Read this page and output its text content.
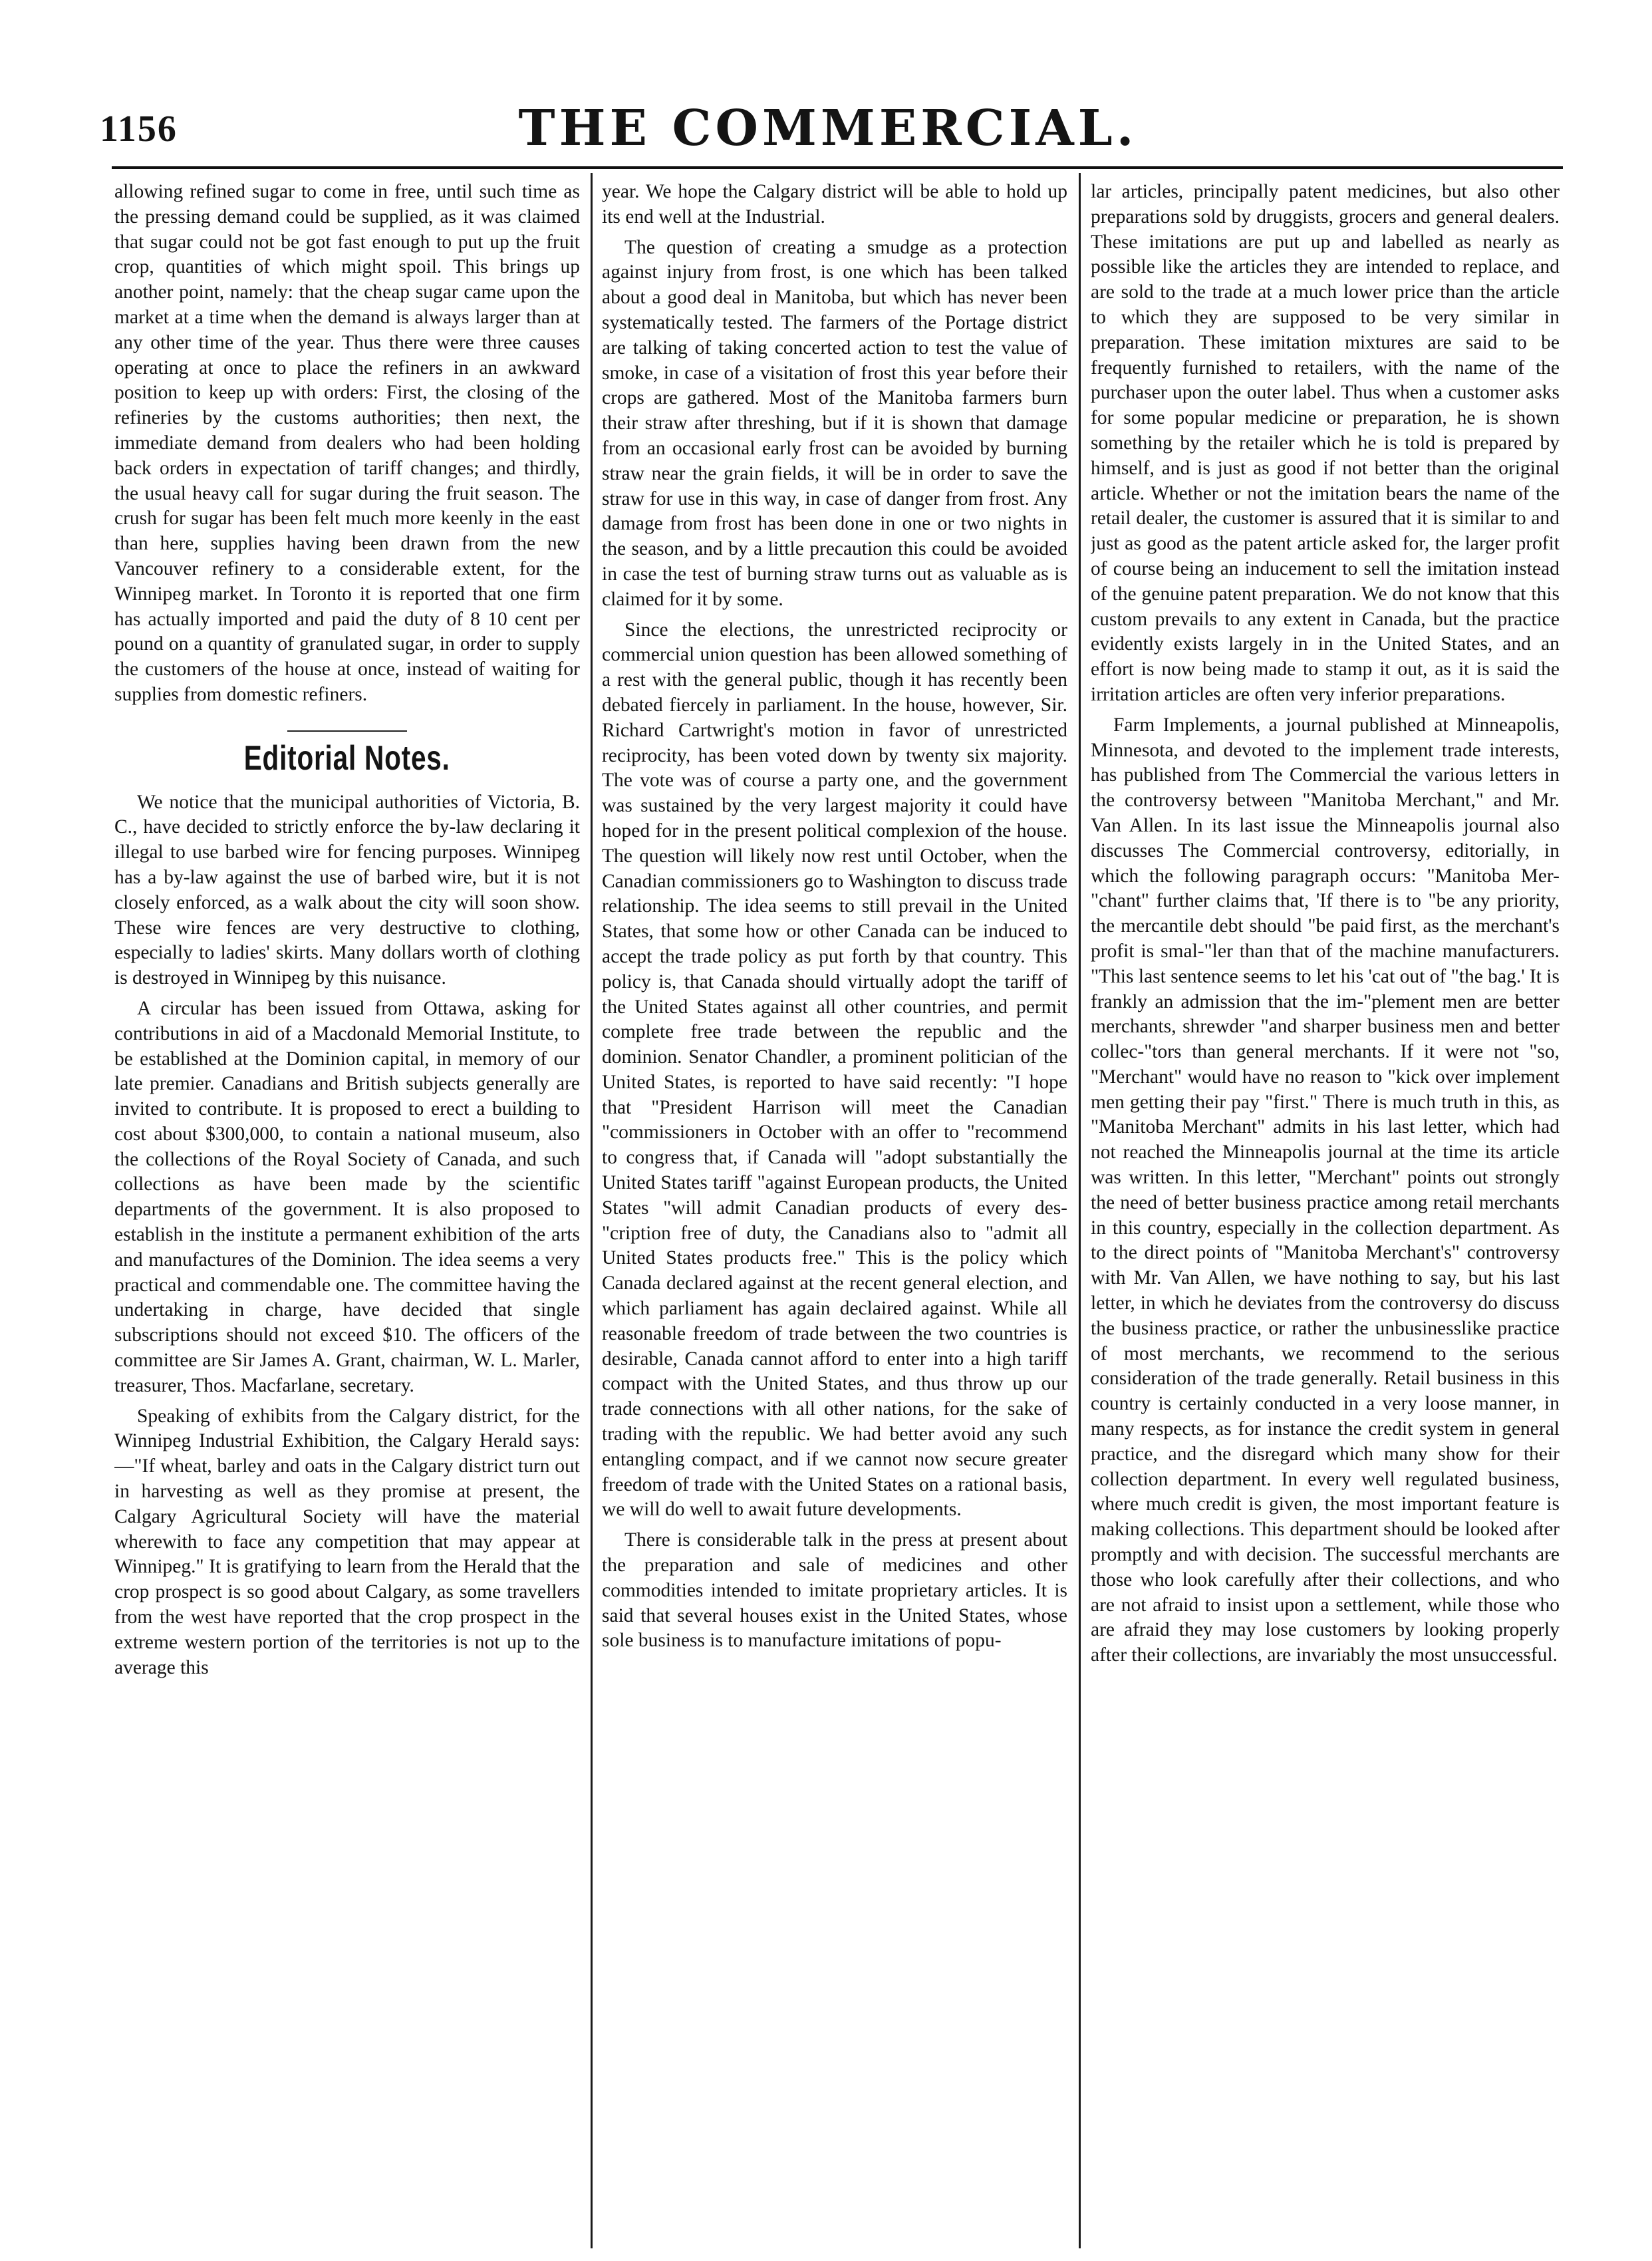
1156	THE COMMERCIAL.

allowing refined sugar to come in free, until such time as the pressing demand could be supplied, as it was claimed that sugar could not be got fast enough to put up the fruit crop, quantities of which might spoil. This brings up another point, namely: that the cheap sugar came upon the market at a time when the demand is always larger than at any other time of the year. Thus there were three causes operating at once to place the refiners in an awkward position to keep up with orders: First, the closing of the refineries by the customs authorities; then next, the immediate demand from dealers who had been holding back orders in expectation of tariff changes; and thirdly, the usual heavy call for sugar during the fruit season. The crush for sugar has been felt much more keenly in the east than here, supplies having been drawn from the new Vancouver refinery to a considerable extent, for the Winnipeg market. In Toronto it is reported that one firm has actually imported and paid the duty of 8 10 cent per pound on a quantity of granulated sugar, in order to supply the customers of the house at once, instead of waiting for supplies from domestic refiners.

Editorial Notes.

We notice that the municipal authorities of Victoria, B. C., have decided to strictly enforce the by-law declaring it illegal to use barbed wire for fencing purposes. Winnipeg has a by-law against the use of barbed wire, but it is not closely enforced, as a walk about the city will soon show. These wire fences are very destructive to clothing, especially to ladies' skirts. Many dollars worth of clothing is destroyed in Winnipeg by this nuisance.

A circular has been issued from Ottawa, asking for contributions in aid of a Macdonald Memorial Institute, to be established at the Dominion capital, in memory of our late premier. Canadians and British subjects generally are invited to contribute. It is proposed to erect a building to cost about $300,000, to contain a national museum, also the collections of the Royal Society of Canada, and such collections as have been made by the scientific departments of the government. It is also proposed to establish in the institute a permanent exhibition of the arts and manufactures of the Dominion. The idea seems a very practical and commendable one. The committee having the undertaking in charge, have decided that single subscriptions should not exceed $10. The officers of the committee are Sir James A. Grant, chairman, W. L. Marler, treasurer, Thos. Macfarlane, secretary.

Speaking of exhibits from the Calgary district, for the Winnipeg Industrial Exhibition, the Calgary Herald says:—"If wheat, barley and oats in the Calgary district turn out in harvesting as well as they promise at present, the Calgary Agricultural Society will have the material wherewith to face any competition that may appear at Winnipeg." It is gratifying to learn from the Herald that the crop prospect is so good about Calgary, as some travellers from the west have reported that the crop prospect in the extreme western portion of the territories is not up to the average this

year. We hope the Calgary district will be able to hold up its end well at the Industrial.

The question of creating a smudge as a protection against injury from frost, is one which has been talked about a good deal in Manitoba, but which has never been systematically tested. The farmers of the Portage district are talking of taking concerted action to test the value of smoke, in case of a visitation of frost this year before their crops are gathered. Most of the Manitoba farmers burn their straw after threshing, but if it is shown that damage from an occasional early frost can be avoided by burning straw near the grain fields, it will be in order to save the straw for use in this way, in case of danger from frost. Any damage from frost has been done in one or two nights in the season, and by a little precaution this could be avoided in case the test of burning straw turns out as valuable as is claimed for it by some.

Since the elections, the unrestricted reciprocity or commercial union question has been allowed something of a rest with the general public, though it has recently been debated fiercely in parliament. In the house, however, Sir. Richard Cartwright's motion in favor of unrestricted reciprocity, has been voted down by twenty six majority. The vote was of course a party one, and the government was sustained by the very largest majority it could have hoped for in the present political complexion of the house. The question will likely now rest until October, when the Canadian commissioners go to Washington to discuss trade relationship. The idea seems to still prevail in the United States, that some how or other Canada can be induced to accept the trade policy as put forth by that country. This policy is, that Canada should virtually adopt the tariff of the United States against all other countries, and permit complete free trade between the republic and the dominion. Senator Chandler, a prominent politician of the United States, is reported to have said recently: "I hope that "President Harrison will meet the Canadian "commissioners in October with an offer to "recommend to congress that, if Canada will "adopt substantially the United States tariff "against European products, the United States "will admit Canadian products of every des-"cription free of duty, the Canadians also to "admit all United States products free." This is the policy which Canada declared against at the recent general election, and which parliament has again declaired against. While all reasonable freedom of trade between the two countries is desirable, Canada cannot afford to enter into a high tariff compact with the United States, and thus throw up our trade connections with all other nations, for the sake of trading with the republic. We had better avoid any such entangling compact, and if we cannot now secure greater freedom of trade with the United States on a rational basis, we will do well to await future developments.

There is considerable talk in the press at present about the preparation and sale of medicines and other commodities intended to imitate proprietary articles. It is said that several houses exist in the United States, whose sole business is to manufacture imitations of popu-

lar articles, principally patent medicines, but also other preparations sold by druggists, grocers and general dealers. These imitations are put up and labelled as nearly as possible like the articles they are intended to replace, and are sold to the trade at a much lower price than the article to which they are supposed to be very similar in preparation. These imitation mixtures are said to be frequently furnished to retailers, with the name of the purchaser upon the outer label. Thus when a customer asks for some popular medicine or preparation, he is shown something by the retailer which he is told is prepared by himself, and is just as good if not better than the original article. Whether or not the imitation bears the name of the retail dealer, the customer is assured that it is similar to and just as good as the patent article asked for, the larger profit of course being an inducement to sell the imitation instead of the genuine patent preparation. We do not know that this custom prevails to any extent in Canada, but the practice evidently exists largely in in the United States, and an effort is now being made to stamp it out, as it is said the irritation articles are often very inferior preparations.

Farm Implements, a journal published at Minneapolis, Minnesota, and devoted to the implement trade interests, has published from The Commercial the various letters in the controversy between "Manitoba Merchant," and Mr. Van Allen. In its last issue the Minneapolis journal also discusses The Commercial controversy, editorially, in which the following paragraph occurs: "Manitoba Mer-"chant" further claims that, 'If there is to "be any priority, the mercantile debt should "be paid first, as the merchant's profit is smal-"ler than that of the machine manufacturers. "This last sentence seems to let his 'cat out of "the bag.' It is frankly an admission that the im-"plement men are better merchants, shrewder "and sharper business men and better collec-"tors than general merchants. If it were not "so, "Merchant" would have no reason to "kick over implement men getting their pay "first." There is much truth in this, as "Manitoba Merchant" admits in his last letter, which had not reached the Minneapolis journal at the time its article was written. In this letter, "Merchant" points out strongly the need of better business practice among retail merchants in this country, especially in the collection department. As to the direct points of "Manitoba Merchant's" controversy with Mr. Van Allen, we have nothing to say, but his last letter, in which he deviates from the controversy do discuss the business practice, or rather the unbusinesslike practice of most merchants, we recommend to the serious consideration of the trade generally. Retail business in this country is certainly conducted in a very loose manner, in many respects, as for instance the credit system in general practice, and the disregard which many show for their collection department. In every well regulated business, where much credit is given, the most important feature is making collections. This department should be looked after promptly and with decision. The successful merchants are those who look carefully after their collections, and who are not afraid to insist upon a settlement, while those who are afraid they may lose customers by looking properly after their collections, are invariably the most unsuccessful.
